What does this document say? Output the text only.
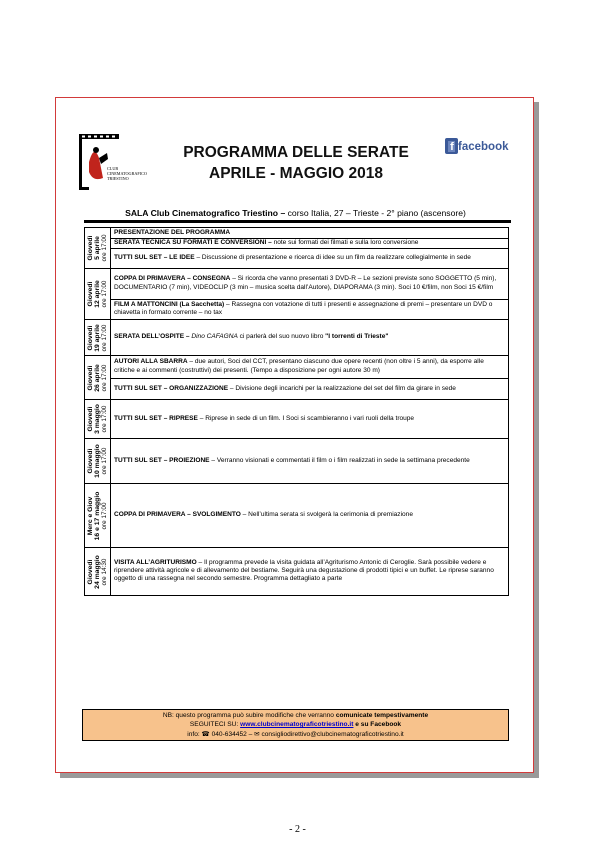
CLUB
CINEMATOGRAFICO
TRIESTINO
PROGRAMMA DELLE SERATE
APRILE - MAGGIO 2018
f facebook
SALA Club Cinematografico Triestino – corso Italia, 27 – Trieste - 2° piano (ascensore)
Giovedì 5 aprile ore 17:00
PRESENTAZIONE DEL PROGRAMMA
SERATA TECNICA SU FORMATI E CONVERSIONI – note sui formati dei filmati e sulla loro conversione
TUTTI SUL SET – LE IDEE – Discussione di presentazione e ricerca di idee su un film da realizzare collegialmente in sede
Giovedì 12 aprile ore 17:00
COPPA DI PRIMAVERA – CONSEGNA – Si ricorda che vanno presentati 3 DVD-R – Le sezioni previste sono SOGGETTO (5 min), DOCUMENTARIO (7 min), VIDEOCLIP (3 min – musica scelta dall’Autore), DIAPORAMA (3 min). Soci 10 €/film, non Soci 15 €/film
FILM A MATTONCINI (La Sacchetta) – Rassegna con votazione di tutti i presenti e assegnazione di premi – presentare un DVD o chiavetta in formato corrente – no tax
Giovedì 19 aprile ore 17:00 SERATA DELL’OSPITE – Dino CAFAGNA ci parlerà del suo nuovo libro "I torrenti di Trieste"
Giovedì 26 aprile ore 17:00
AUTORI ALLA SBARRA – due autori, Soci del CCT, presentano ciascuno due opere recenti (non oltre i 5 anni), da esporre alle critiche e ai commenti (costruttivi) dei presenti. (Tempo a disposizione per ogni autore 30 m)
TUTTI SUL SET – ORGANIZZAZIONE – Divisione degli incarichi per la realizzazione del set del film da girare in sede
Giovedì 3 maggio ore 17:00 TUTTI SUL SET – RIPRESE – Riprese in sede di un film. I Soci si scambieranno i vari ruoli della troupe
Giovedì 10 maggio ore 17:00 TUTTI SUL SET – PROIEZIONE – Verranno visionati e commentati il film o i film realizzati in sede la settimana precedente
Merc e Giov 16 e 17 maggio ore 17:00 COPPA DI PRIMAVERA – SVOLGIMENTO – Nell’ultima serata si svolgerà la cerimonia di premiazione
Giovedì 24 maggio ore 14:30 VISITA ALL’AGRITURISMO – Il programma prevede la visita guidata all’Agriturismo Antonic di Ceroglie. Sarà possibile vedere e riprendere attività agricole e di allevamento del bestiame. Seguirà una degustazione di prodotti tipici e un buffet. Le riprese saranno oggetto di una rassegna nel secondo semestre. Programma dettagliato a parte
NB: questo programma può subire modifiche che verranno comunicate tempestivamente
SEGUITECI SU: www.clubcinematograficotriestino.it e su Facebook
info: ☎ 040-634452 – ✉ consigliodirettivo@clubcinematograficotriestino.it
- 2 -
